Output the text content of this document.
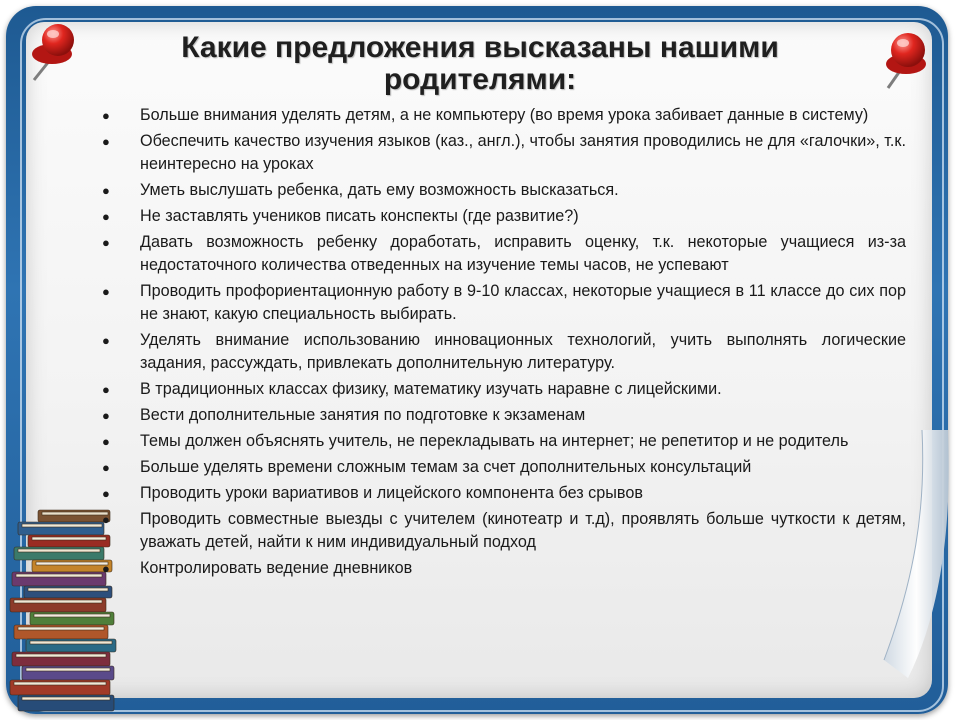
Какие предложения высказаны нашими родителями:
● Больше внимания уделять детям, а не компьютеру (во время урока забивает данные в систему)
● Обеспечить качество изучения языков (каз., англ.), чтобы занятия проводились не для «галочки», т.к. неинтересно на уроках
● Уметь выслушать ребенка, дать ему возможность высказаться.
● Не заставлять учеников писать конспекты (где развитие?)
● Давать возможность ребенку доработать, исправить оценку, т.к. некоторые учащиеся из-за недостаточного количества отведенных на изучение темы часов, не успевают
● Проводить профориентационную работу в 9-10 классах, некоторые учащиеся в 11 классе до сих пор не знают, какую специальность выбирать.
● Уделять внимание использованию инновационных технологий, учить выполнять логические задания, рассуждать, привлекать дополнительную литературу.
● В традиционных классах физику, математику изучать наравне с лицейскими.
● Вести дополнительные занятия по подготовке к экзаменам
● Темы должен объяснять учитель, не перекладывать на интернет; не репетитор и не родитель
● Больше уделять времени сложным темам за счет дополнительных консультаций
● Проводить уроки вариативов и лицейского компонента без срывов
● Проводить совместные выезды с учителем (кинотеатр и т.д), проявлять больше чуткости к детям, уважать детей, найти к ним индивидуальный подход
● Контролировать ведение дневников
